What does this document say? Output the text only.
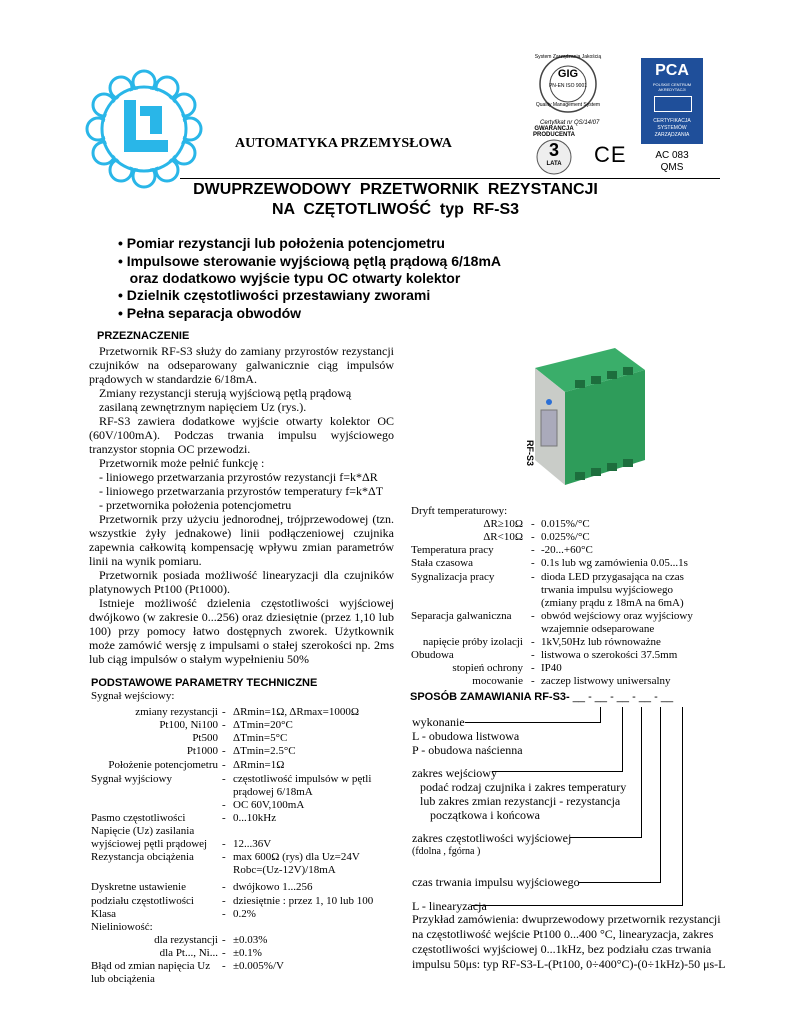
AUTOMATYKA PRZEMYSŁOWA
System Zarządzania Jakością
GIG
PN-EN ISO 9001
Quality Management System
Certyfikat nr QS/14/07
GWARANCJA PRODUCENTA
3
LATA	CE
PCA
POLSKIE CENTRUM
AKREDYTACJI
CERTYFIKACJA
SYSTEMÓW
ZARZĄDZANIA
AC 083
QMS
DWUPRZEWODOWY  PRZETWORNIK  REZYSTANCJI
NA  CZĘTOTLIWOŚĆ  typ  RF-S3
• Pomiar rezystancji lub położenia potencjometru
• Impulsowe sterowanie wyjściową pętlą prądową 6/18mA
oraz dodatkowo wyjście typu OC otwarty kolektor
• Dzielnik częstotliwości przestawiany zworami
• Pełna separacja obwodów
PRZEZNACZENIE

Przetwornik RF-S3 służy do zamiany przyrostów rezystancji czujników na odseparowany galwanicznie ciąg impulsów prądowych w standardzie 6/18mA.

Zmiany rezystancji sterują wyjściową pętlą prądową

zasilaną zewnętrznym napięciem Uz (rys.).

RF-S3 zawiera dodatkowe wyjście otwarty kolektor OC (60V/100mA). Podczas trwania impulsu wyjściowego tranzystor stopnia OC przewodzi.

Przetwornik może pełnić funkcję :

- liniowego przetwarzania przyrostów rezystancji f=k*ΔR

- liniowego przetwarzania przyrostów temperatury f=k*ΔT

- przetwornika położenia potencjometru

Przetwornik przy użyciu jednorodnej, trójprzewodowej (tzn. wszystkie żyły jednakowe) linii podłączeniowej czujnika zapewnia całkowitą kompensację wpływu zmian parametrów linii na wynik pomiaru.

Przetwornik posiada możliwość linearyzacji dla czujników platynowych Pt100 (Pt1000).

Istnieje możliwość dzielenia częstotliwości wyjściowej dwójkowo (w zakresie 0...256) oraz dziesiętnie (przez 1,10 lub 100) przy pomocy łatwo dostępnych zworek. Użytkownik może zamówić wersję z impulsami o stałej szerokości np. 2ms lub ciąg impulsów o stałym wypełnieniu 50%

RF-S3
Dryft temperaturowy:
ΔR≥10Ω - 0.015%/°C
ΔR<10Ω - 0.025%/°C
Temperatura pracy	- -20...+60°C
Stała czasowa	- 0.1s lub wg zamówienia 0.05...1s
Sygnalizacja pracy	- dioda LED przygasająca na czas
trwania impulsu wyjściowego
(zmiany prądu z 18mA na 6mA)
Separacja galwaniczna - obwód wejściowy oraz wyjściowy
wzajemnie odseparowane
napięcie próby izolacji - 1kV,50Hz lub równoważne
Obudowa	- listwowa o szerokości 37.5mm
stopień ochrony - IP40
mocowanie - zaczep listwowy uniwersalny
PODSTAWOWE PARAMETRY TECHNICZNE
Sygnał wejściowy:
zmiany rezystancji - ΔRmin=1Ω, ΔRmax=1000Ω
Pt100, Ni100 - ΔTmin=20°C
Pt500 ΔTmin=5°C
Pt1000 - ΔTmin=2.5°C
Położenie potencjometru - ΔRmin=1Ω
Sygnał wyjściowy	- częstotliwość impulsów w pętli
prądowej 6/18mA
- OC 60V,100mA
Pasmo częstotliwości	- 0...10kHz
Napięcie (Uz) zasilania
wyjściowej pętli prądowej - 12...36V
Rezystancja obciążenia	- max 600Ω (rys) dla Uz=24V
Robc=(Uz-12V)/18mA
Dyskretne ustawienie	- dwójkowo 1...256
podziału częstotliwości	- dziesiętnie : przez 1, 10 lub 100
Klasa	- 0.2%
Nieliniowość:
dla rezystancji - ±0.03%
dla Pt..., Ni... - ±0.1%
Błąd od zmian napięcia Uz - ±0.005%/V
lub obciążenia
SPOSÓB ZAMAWIANIA RF-S3- __ - __ - __ - __ - __
wykonanie
L - obudowa listwowa
P - obudowa naścienna
zakres wejściowy
podać rodzaj czujnika i zakres temperatury
lub zakres zmian rezystancji - rezystancja
początkowa i końcowa
zakres częstotliwości wyjściowej
(fdolna , fgórna )
czas trwania impulsu wyjściowego
L - linearyzacja
Przykład zamówienia: dwuprzewodowy przetwornik rezystancji
na częstotliwość wejście Pt100 0...400 °C, linearyzacja, zakres
częstotliwości wyjściowej 0...1kHz, bez podziału czas trwania
impulsu 50μs: typ RF-S3-L-(Pt100, 0÷400°C)-(0÷1kHz)-50 μs-L
